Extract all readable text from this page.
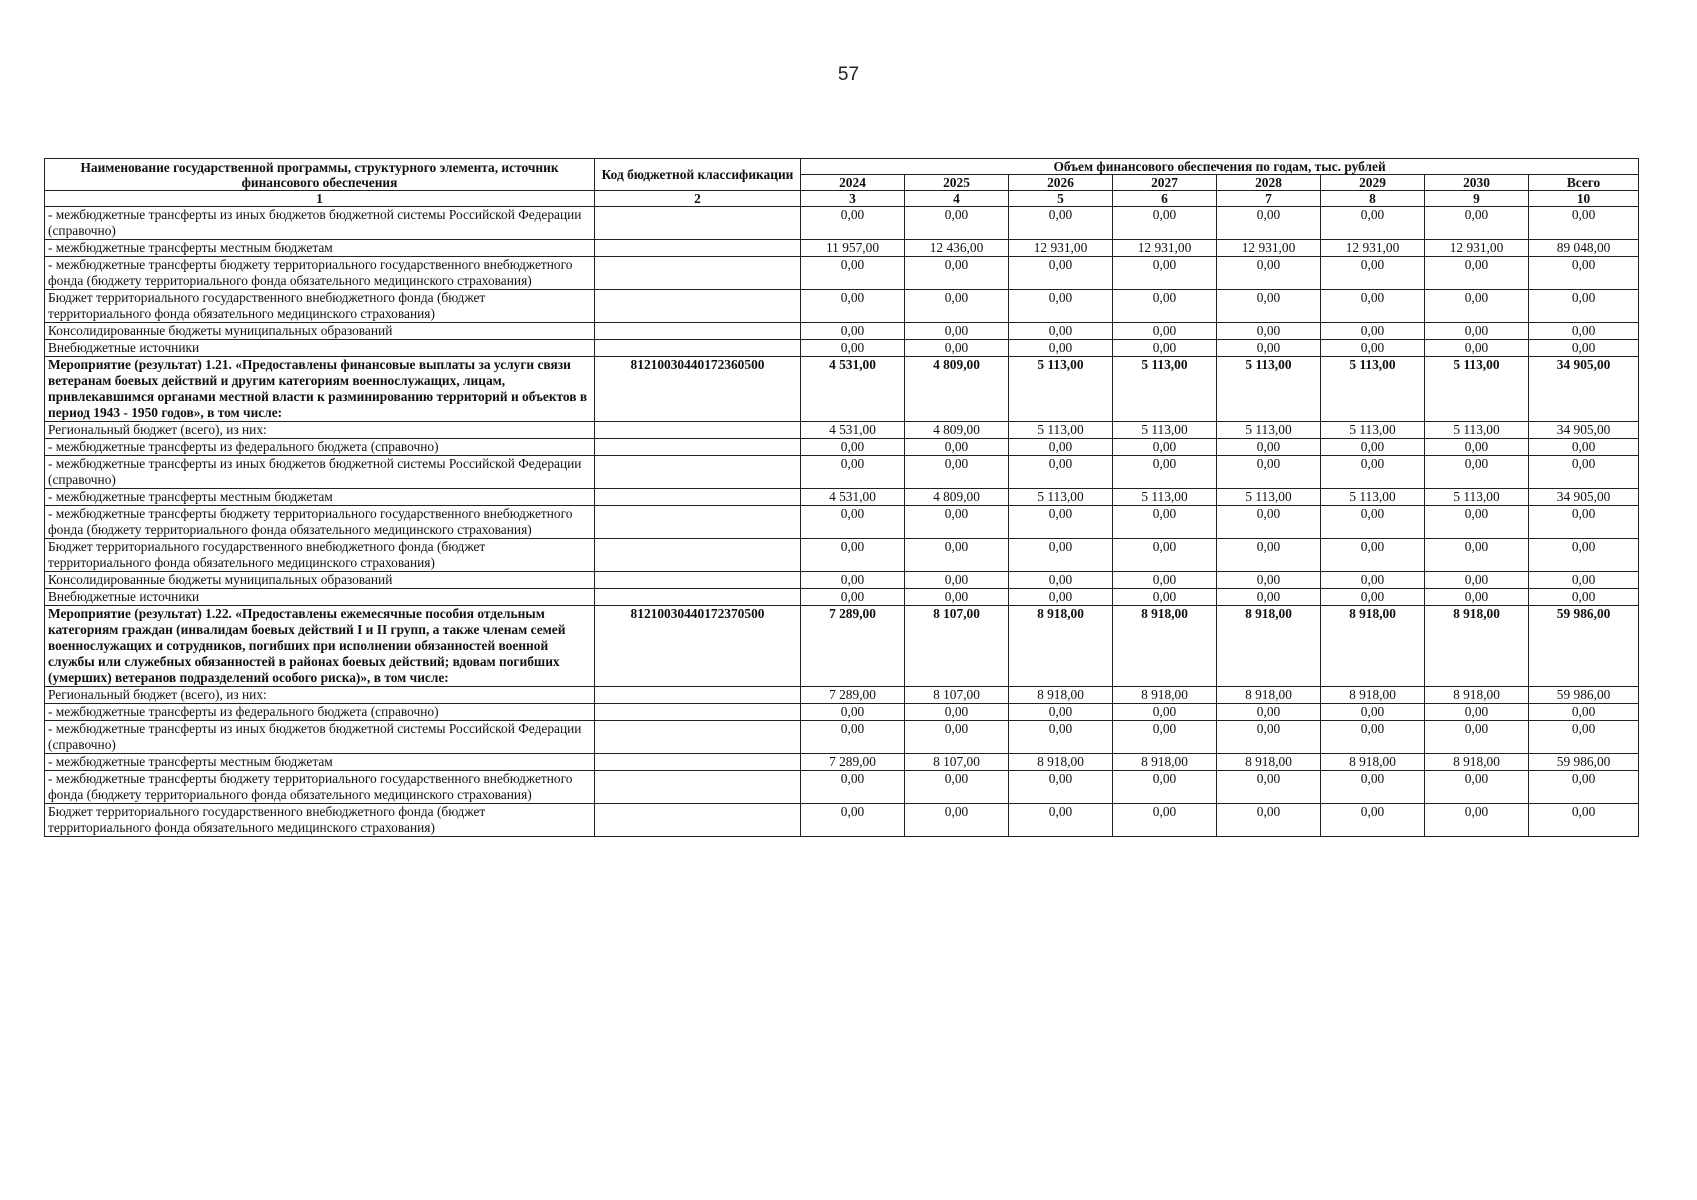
57
Наименование государственной программы, структурного элемента, источник финансового обеспечения	Код бюджетной классификации	Объем финансового обеспечения по годам, тыс. рублей							
		2024	2025	2026	2027	2028	2029	2030	Всего
1	2	3	4	5	6	7	8	9	10
- межбюджетные трансферты из иных бюджетов бюджетной системы Российской Федерации (справочно)		0,00	0,00	0,00	0,00	0,00	0,00	0,00	0,00
- межбюджетные трансферты местным бюджетам		11 957,00	12 436,00	12 931,00	12 931,00	12 931,00	12 931,00	12 931,00	89 048,00
- межбюджетные трансферты бюджету территориального государственного внебюджетного фонда (бюджету территориального фонда обязательного медицинского страхования)		0,00	0,00	0,00	0,00	0,00	0,00	0,00	0,00
Бюджет территориального государственного внебюджетного фонда (бюджет территориального фонда обязательного медицинского страхования)		0,00	0,00	0,00	0,00	0,00	0,00	0,00	0,00
Консолидированные бюджеты муниципальных образований		0,00	0,00	0,00	0,00	0,00	0,00	0,00	0,00
Внебюджетные источники		0,00	0,00	0,00	0,00	0,00	0,00	0,00	0,00
Мероприятие (результат) 1.21. «Предоставлены финансовые выплаты за услуги связи ветеранам боевых действий и другим категориям военнослужащих, лицам, привлекавшимся органами местной власти к разминированию территорий и объектов в период 1943 - 1950 годов», в том числе:	81210030440172360500	4 531,00	4 809,00	5 113,00	5 113,00	5 113,00	5 113,00	5 113,00	34 905,00
Региональный бюджет (всего), из них:		4 531,00	4 809,00	5 113,00	5 113,00	5 113,00	5 113,00	5 113,00	34 905,00
- межбюджетные трансферты из федерального бюджета (справочно)		0,00	0,00	0,00	0,00	0,00	0,00	0,00	0,00
- межбюджетные трансферты из иных бюджетов бюджетной системы Российской Федерации (справочно)		0,00	0,00	0,00	0,00	0,00	0,00	0,00	0,00
- межбюджетные трансферты местным бюджетам		4 531,00	4 809,00	5 113,00	5 113,00	5 113,00	5 113,00	5 113,00	34 905,00
- межбюджетные трансферты бюджету территориального государственного внебюджетного фонда (бюджету территориального фонда обязательного медицинского страхования)		0,00	0,00	0,00	0,00	0,00	0,00	0,00	0,00
Бюджет территориального государственного внебюджетного фонда (бюджет территориального фонда обязательного медицинского страхования)		0,00	0,00	0,00	0,00	0,00	0,00	0,00	0,00
Консолидированные бюджеты муниципальных образований		0,00	0,00	0,00	0,00	0,00	0,00	0,00	0,00
Внебюджетные источники		0,00	0,00	0,00	0,00	0,00	0,00	0,00	0,00
Мероприятие (результат) 1.22. «Предоставлены ежемесячные пособия отдельным категориям граждан (инвалидам боевых действий I и II групп, а также членам семей военнослужащих и сотрудников, погибших при исполнении обязанностей военной службы или служебных обязанностей в районах боевых действий; вдовам погибших (умерших) ветеранов подразделений особого риска)», в том числе:	81210030440172370500	7 289,00	8 107,00	8 918,00	8 918,00	8 918,00	8 918,00	8 918,00	59 986,00
Региональный бюджет (всего), из них:		7 289,00	8 107,00	8 918,00	8 918,00	8 918,00	8 918,00	8 918,00	59 986,00
- межбюджетные трансферты из федерального бюджета (справочно)		0,00	0,00	0,00	0,00	0,00	0,00	0,00	0,00
- межбюджетные трансферты из иных бюджетов бюджетной системы Российской Федерации (справочно)		0,00	0,00	0,00	0,00	0,00	0,00	0,00	0,00
- межбюджетные трансферты местным бюджетам		7 289,00	8 107,00	8 918,00	8 918,00	8 918,00	8 918,00	8 918,00	59 986,00
- межбюджетные трансферты бюджету территориального государственного внебюджетного фонда (бюджету территориального фонда обязательного медицинского страхования)		0,00	0,00	0,00	0,00	0,00	0,00	0,00	0,00
Бюджет территориального государственного внебюджетного фонда (бюджет территориального фонда обязательного медицинского страхования)		0,00	0,00	0,00	0,00	0,00	0,00	0,00	0,00
